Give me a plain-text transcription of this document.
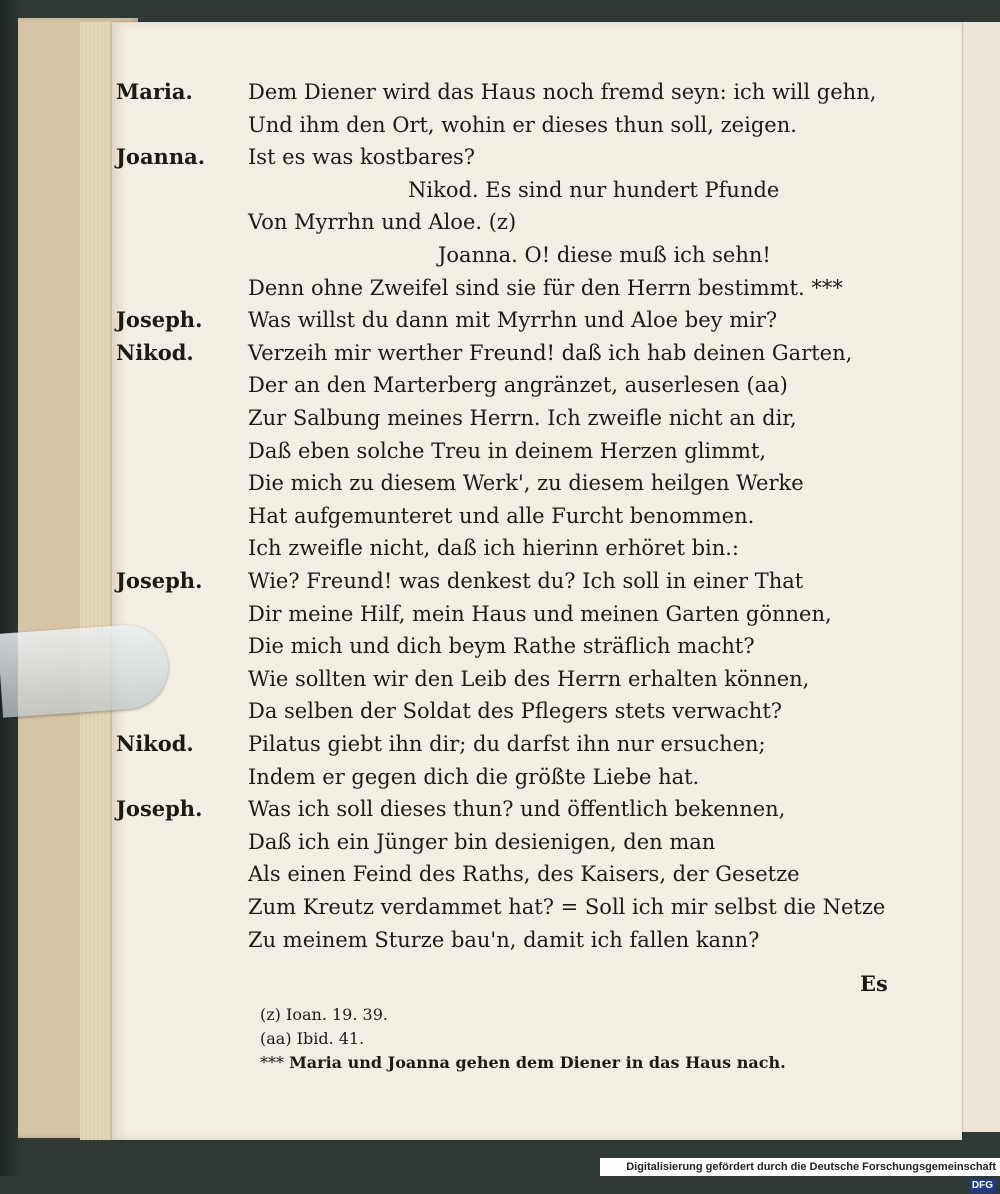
Maria.	Dem Diener wird das Haus noch fremd seyn: ich will gehn,
Und ihm den Ort, wohin er dieses thun soll, zeigen.
Joanna.	Ist es was kostbares?
Nikod. Es sind nur hundert Pfunde
Von Myrrhn und Aloe. (z)
Joanna. O! diese muß ich sehn!
Denn ohne Zweifel sind sie für den Herrn bestimmt. ***
Joseph.	Was willst du dann mit Myrrhn und Aloe bey mir?
Nikod.	Verzeih mir werther Freund! daß ich hab deinen Garten,
Der an den Marterberg angränzet, auserlesen (aa)
Zur Salbung meines Herrn. Ich zweifle nicht an dir,
Daß eben solche Treu in deinem Herzen glimmt,
Die mich zu diesem Werk', zu diesem heilgen Werke
Hat aufgemunteret und alle Furcht benommen.
Ich zweifle nicht, daß ich hierinn erhöret bin.:
Joseph.	Wie? Freund! was denkest du? Ich soll in einer That
Dir meine Hilf, mein Haus und meinen Garten gönnen,
Die mich und dich beym Rathe sträflich macht?
Wie sollten wir den Leib des Herrn erhalten können,
Da selben der Soldat des Pflegers stets verwacht?
Nikod.	Pilatus giebt ihn dir; du darfst ihn nur ersuchen;
Indem er gegen dich die größte Liebe hat.
Joseph.	Was ich soll dieses thun? und öffentlich bekennen,
Daß ich ein Jünger bin desienigen, den man
Als einen Feind des Raths, des Kaisers, der Gesetze
Zum Kreutz verdammet hat? = Soll ich mir selbst die Netze
Zu meinem Sturze bau'n, damit ich fallen kann?
Es
(z) Ioan. 19. 39.
(aa) Ibid. 41.
*** Maria und Joanna gehen dem Diener in das Haus nach.
Digitalisierung gefördert durch die Deutsche Forschungsgemeinschaft DFG
